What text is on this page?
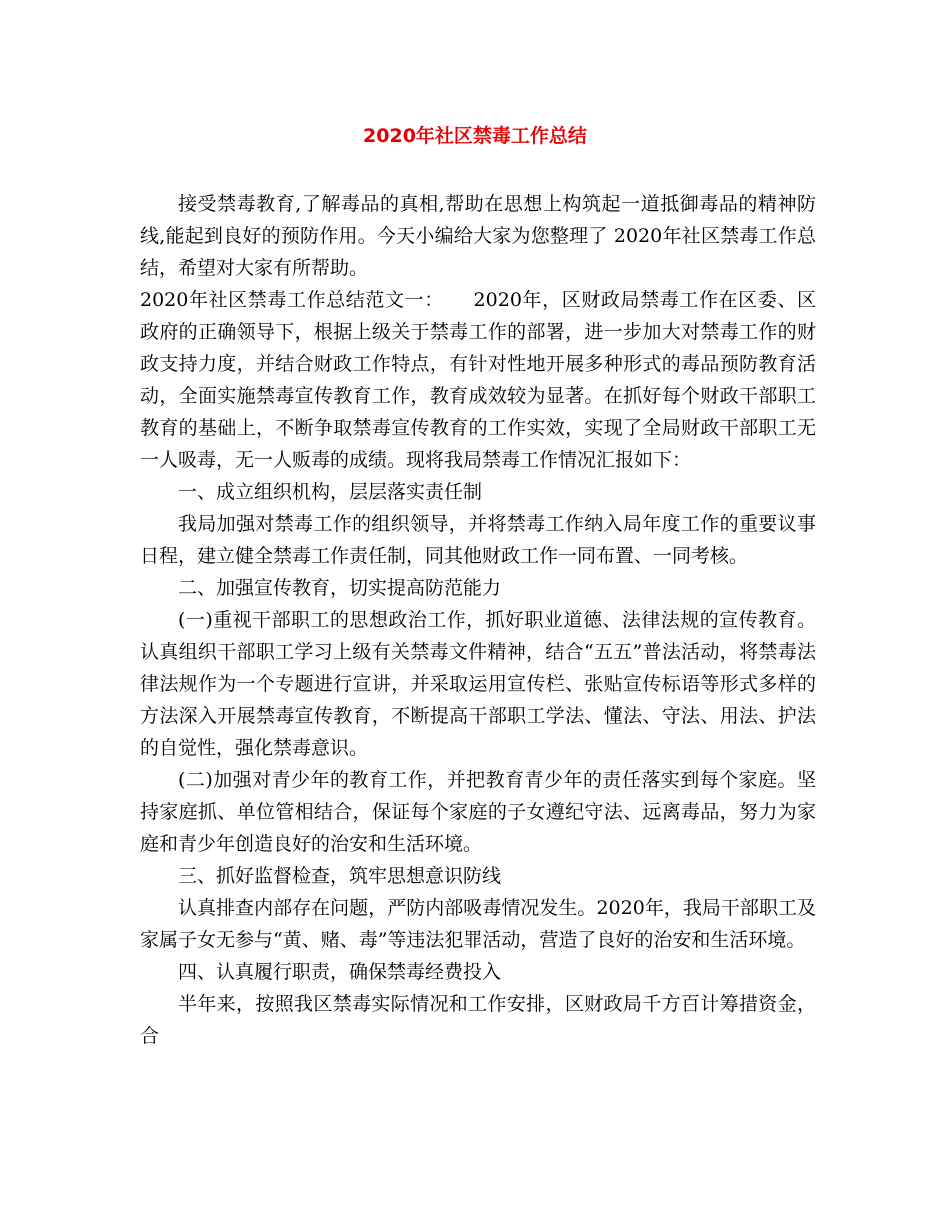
2020年社区禁毒工作总结

接受禁毒教育,了解毒品的真相,帮助在思想上构筑起一道抵御毒品的精神防线,能起到良好的预防作用。今天小编给大家为您整理了 2020年社区禁毒工作总结，希望对大家有所帮助。

2020年社区禁毒工作总结范文一：　　2020年，区财政局禁毒工作在区委、区政府的正确领导下，根据上级关于禁毒工作的部署，进一步加大对禁毒工作的财政支持力度，并结合财政工作特点，有针对性地开展多种形式的毒品预防教育活动，全面实施禁毒宣传教育工作，教育成效较为显著。在抓好每个财政干部职工教育的基础上，不断争取禁毒宣传教育的工作实效，实现了全局财政干部职工无一人吸毒，无一人贩毒的成绩。现将我局禁毒工作情况汇报如下：

一、成立组织机构，层层落实责任制

我局加强对禁毒工作的组织领导，并将禁毒工作纳入局年度工作的重要议事日程，建立健全禁毒工作责任制，同其他财政工作一同布置、一同考核。

二、加强宣传教育，切实提高防范能力

(一)重视干部职工的思想政治工作，抓好职业道德、法律法规的宣传教育。认真组织干部职工学习上级有关禁毒文件精神，结合“五五”普法活动，将禁毒法律法规作为一个专题进行宣讲，并采取运用宣传栏、张贴宣传标语等形式多样的方法深入开展禁毒宣传教育，不断提高干部职工学法、懂法、守法、用法、护法的自觉性，强化禁毒意识。

(二)加强对青少年的教育工作，并把教育青少年的责任落实到每个家庭。坚持家庭抓、单位管相结合，保证每个家庭的子女遵纪守法、远离毒品，努力为家庭和青少年创造良好的治安和生活环境。

三、抓好监督检查，筑牢思想意识防线

认真排查内部存在问题，严防内部吸毒情况发生。2020年，我局干部职工及家属子女无参与“黄、赌、毒”等违法犯罪活动，营造了良好的治安和生活环境。

四、认真履行职责，确保禁毒经费投入

半年来，按照我区禁毒实际情况和工作安排，区财政局千方百计筹措资金，合
